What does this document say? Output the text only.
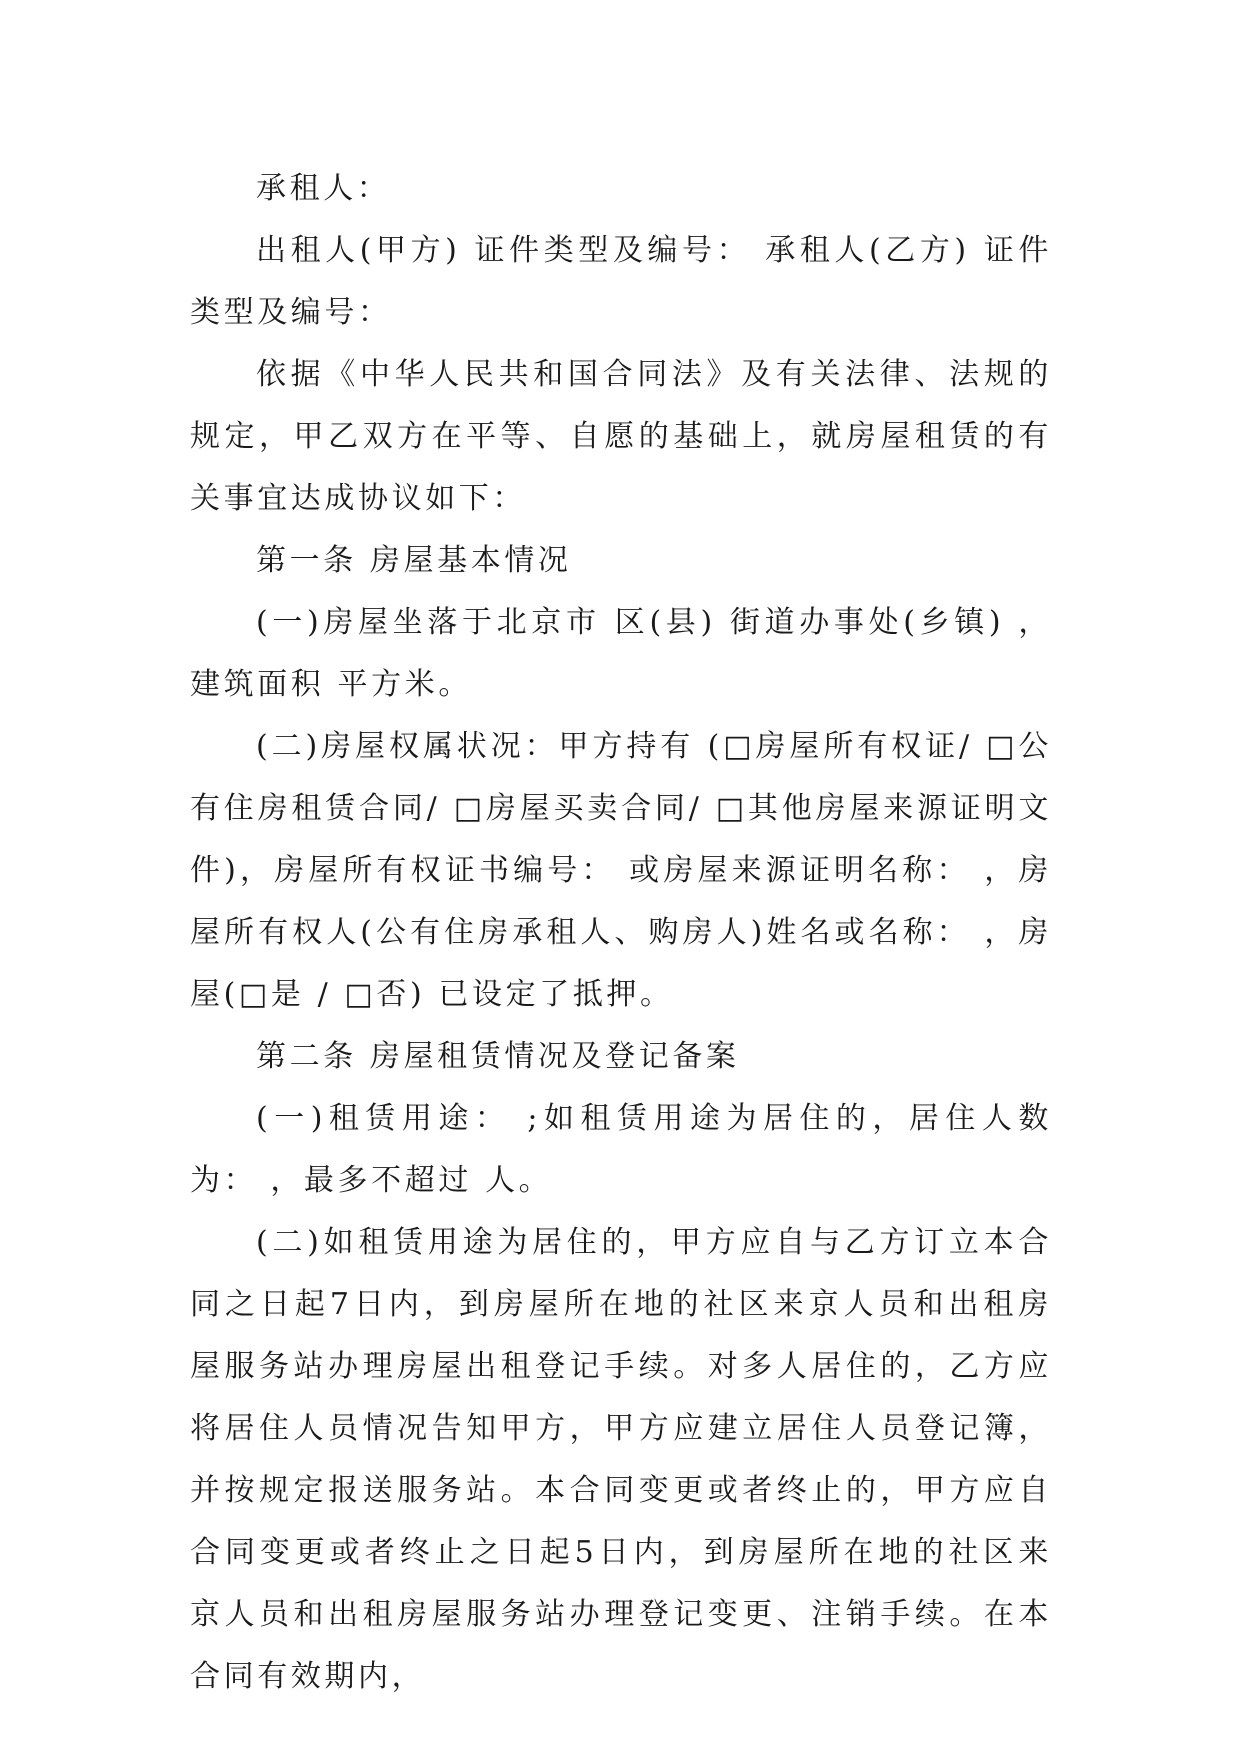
承租人：

出租人(甲方) 证件类型及编号： 承租人(乙方) 证件类型及编号：

依据《中华人民共和国合同法》及有关法律、法规的规定，甲乙双方在平等、自愿的基础上，就房屋租赁的有关事宜达成协议如下：

第一条 房屋基本情况

(一)房屋坐落于北京市 区(县) 街道办事处(乡镇) ，建筑面积 平方米。

(二)房屋权属状况：甲方持有 (□房屋所有权证/ □公有住房租赁合同/ □房屋买卖合同/ □其他房屋来源证明文件)，房屋所有权证书编号： 或房屋来源证明名称： ，房屋所有权人(公有住房承租人、购房人)姓名或名称： ，房屋(□是 / □否) 已设定了抵押。

第二条 房屋租赁情况及登记备案

(一)租赁用途： ;如租赁用途为居住的，居住人数为： ，最多不超过 人。

(二)如租赁用途为居住的，甲方应自与乙方订立本合同之日起7日内，到房屋所在地的社区来京人员和出租房屋服务站办理房屋出租登记手续。对多人居住的，乙方应将居住人员情况告知甲方，甲方应建立居住人员登记簿，并按规定报送服务站。本合同变更或者终止的，甲方应自合同变更或者终止之日起5日内，到房屋所在地的社区来京人员和出租房屋服务站办理登记变更、注销手续。在本合同有效期内，
